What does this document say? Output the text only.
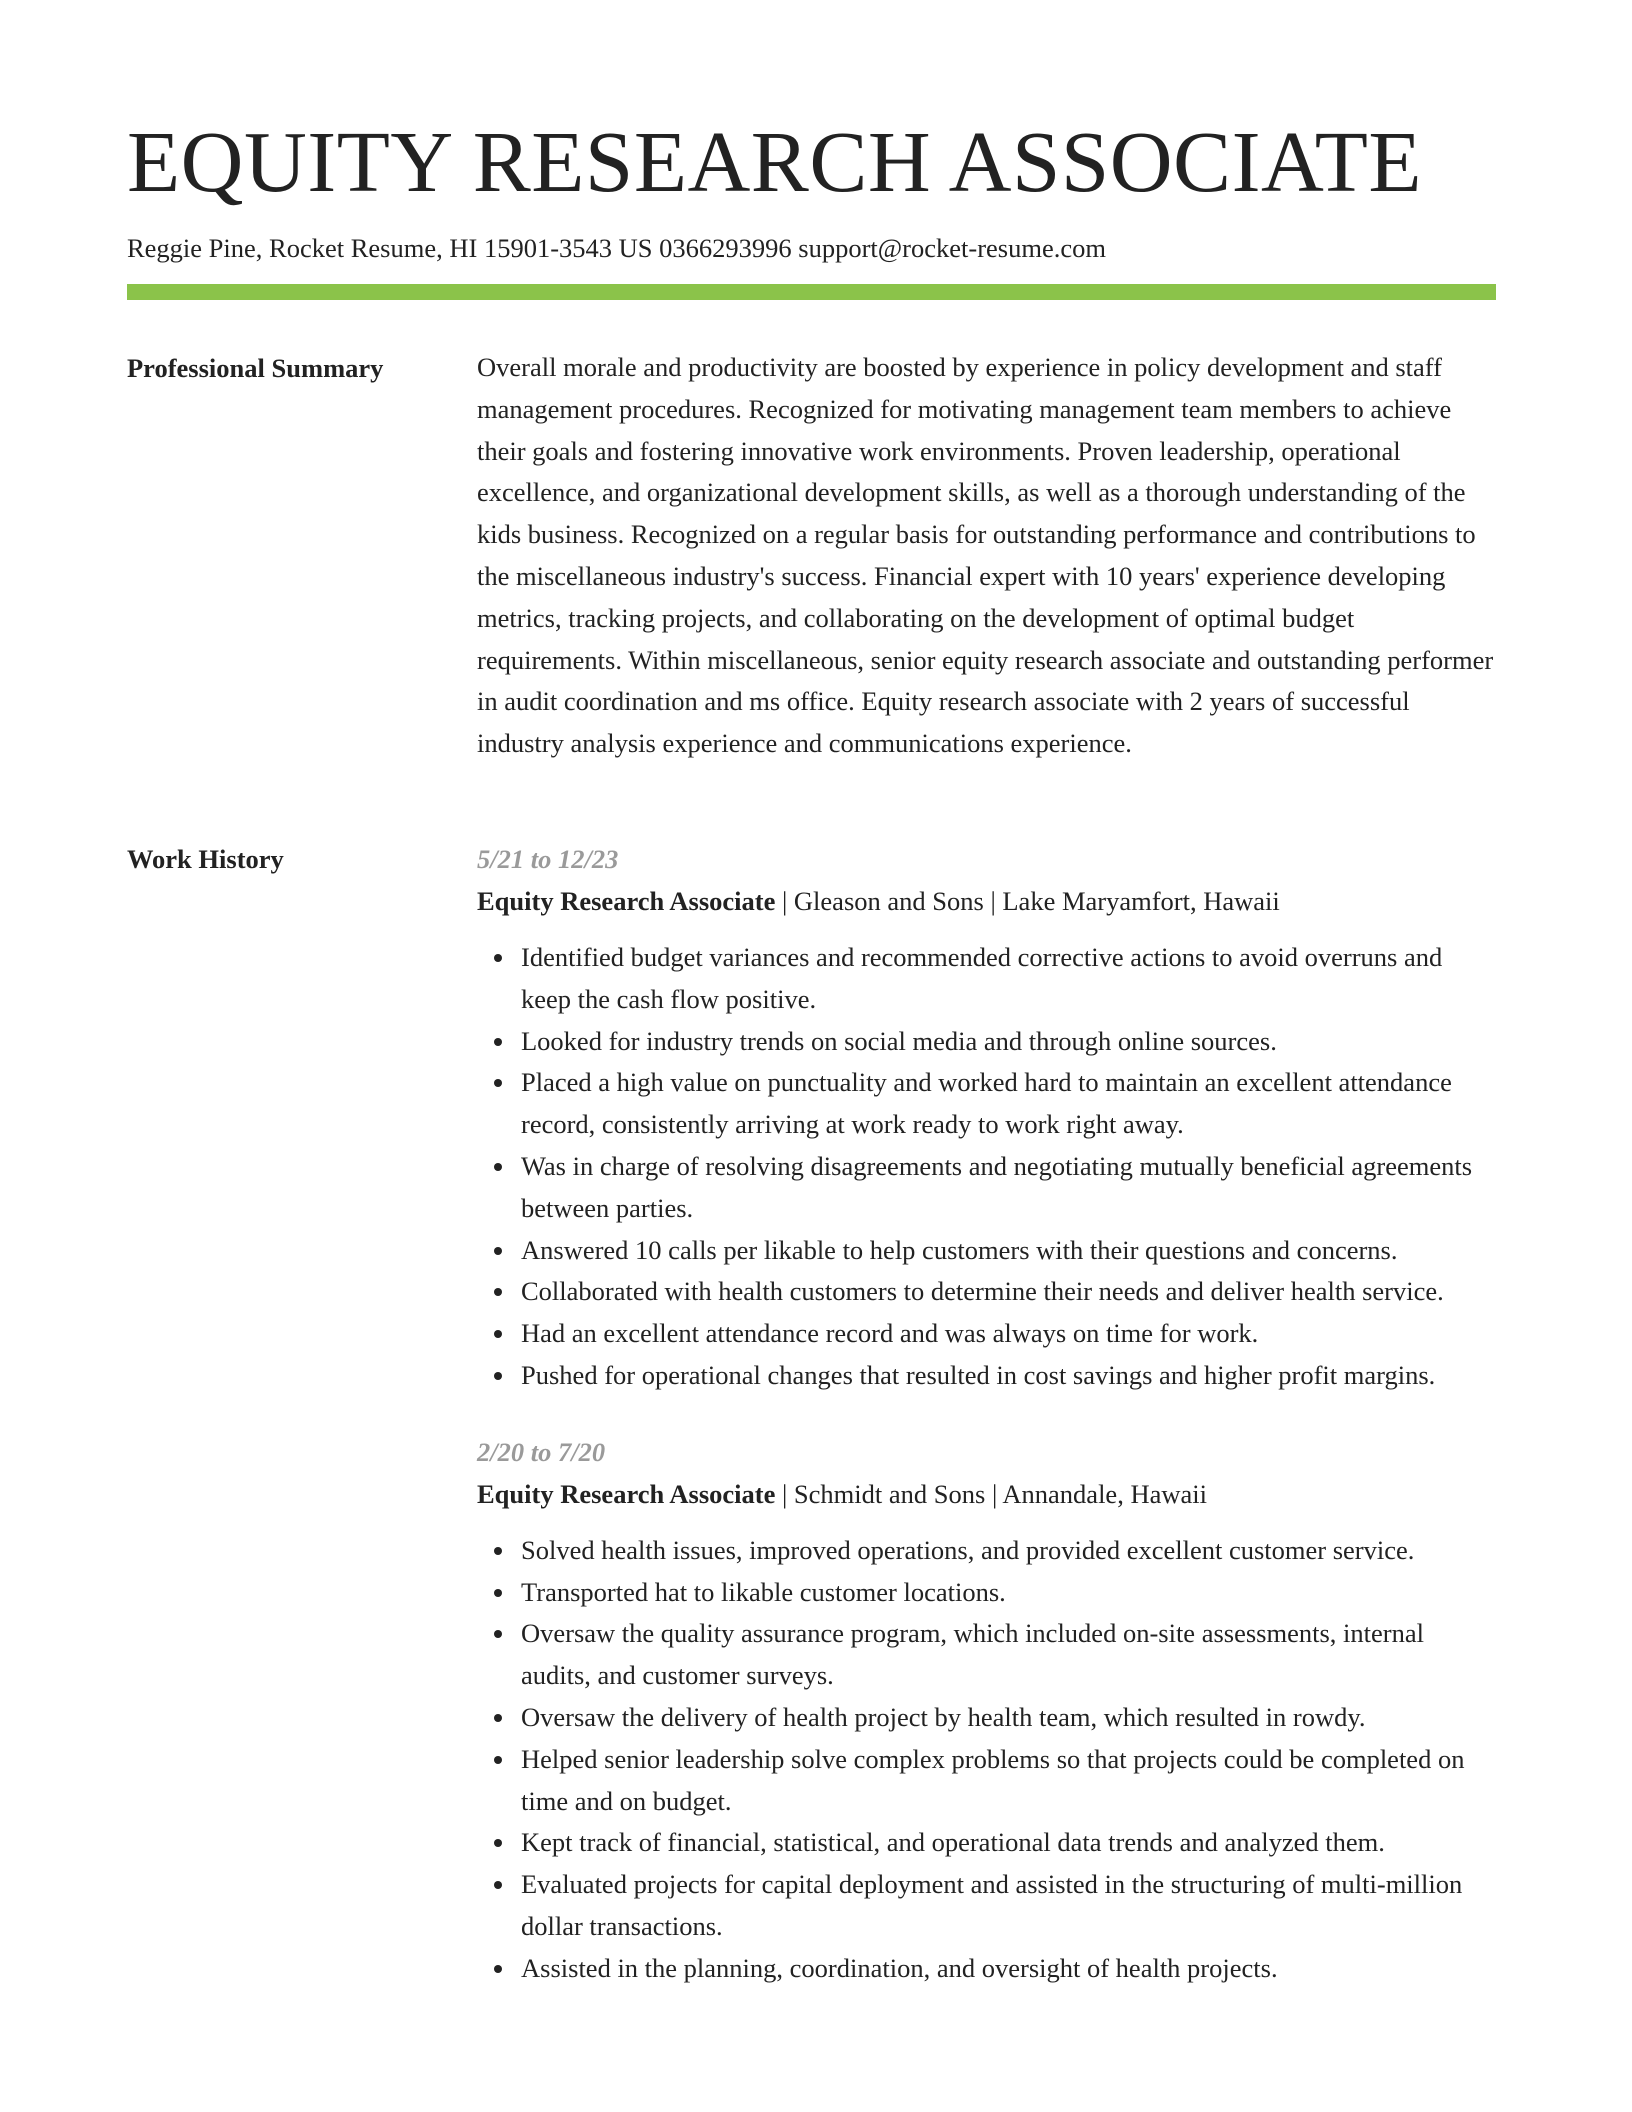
EQUITY RESEARCH ASSOCIATE
Reggie Pine, Rocket Resume, HI 15901-3543 US 0366293996 support@rocket-resume.com
Professional Summary	Overall morale and productivity are boosted by experience in policy development and staff management procedures. Recognized for motivating management team members to achieve their goals and fostering innovative work environments. Proven leadership, operational excellence, and organizational development skills, as well as a thorough understanding of the kids business. Recognized on a regular basis for outstanding performance and contributions to the miscellaneous industry's success. Financial expert with 10 years' experience developing metrics, tracking projects, and collaborating on the development of optimal budget requirements. Within miscellaneous, senior equity research associate and outstanding performer in audit coordination and ms office. Equity research associate with 2 years of successful industry analysis experience and communications experience.

Work History	5/21 to 12/23
Equity Research Associate | Gleason and Sons | Lake Maryamfort, Hawaii
Identified budget variances and recommended corrective actions to avoid overruns and keep the cash flow positive.
Looked for industry trends on social media and through online sources.
Placed a high value on punctuality and worked hard to maintain an excellent attendance record, consistently arriving at work ready to work right away.
Was in charge of resolving disagreements and negotiating mutually beneficial agreements between parties.
Answered 10 calls per likable to help customers with their questions and concerns.
Collaborated with health customers to determine their needs and deliver health service.
Had an excellent attendance record and was always on time for work.
Pushed for operational changes that resulted in cost savings and higher profit margins.
2/20 to 7/20
Equity Research Associate | Schmidt and Sons | Annandale, Hawaii
Solved health issues, improved operations, and provided excellent customer service.
Transported hat to likable customer locations.
Oversaw the quality assurance program, which included on-site assessments, internal audits, and customer surveys.
Oversaw the delivery of health project by health team, which resulted in rowdy.
Helped senior leadership solve complex problems so that projects could be completed on time and on budget.
Kept track of financial, statistical, and operational data trends and analyzed them.
Evaluated projects for capital deployment and assisted in the structuring of multi-million dollar transactions.
Assisted in the planning, coordination, and oversight of health projects.
